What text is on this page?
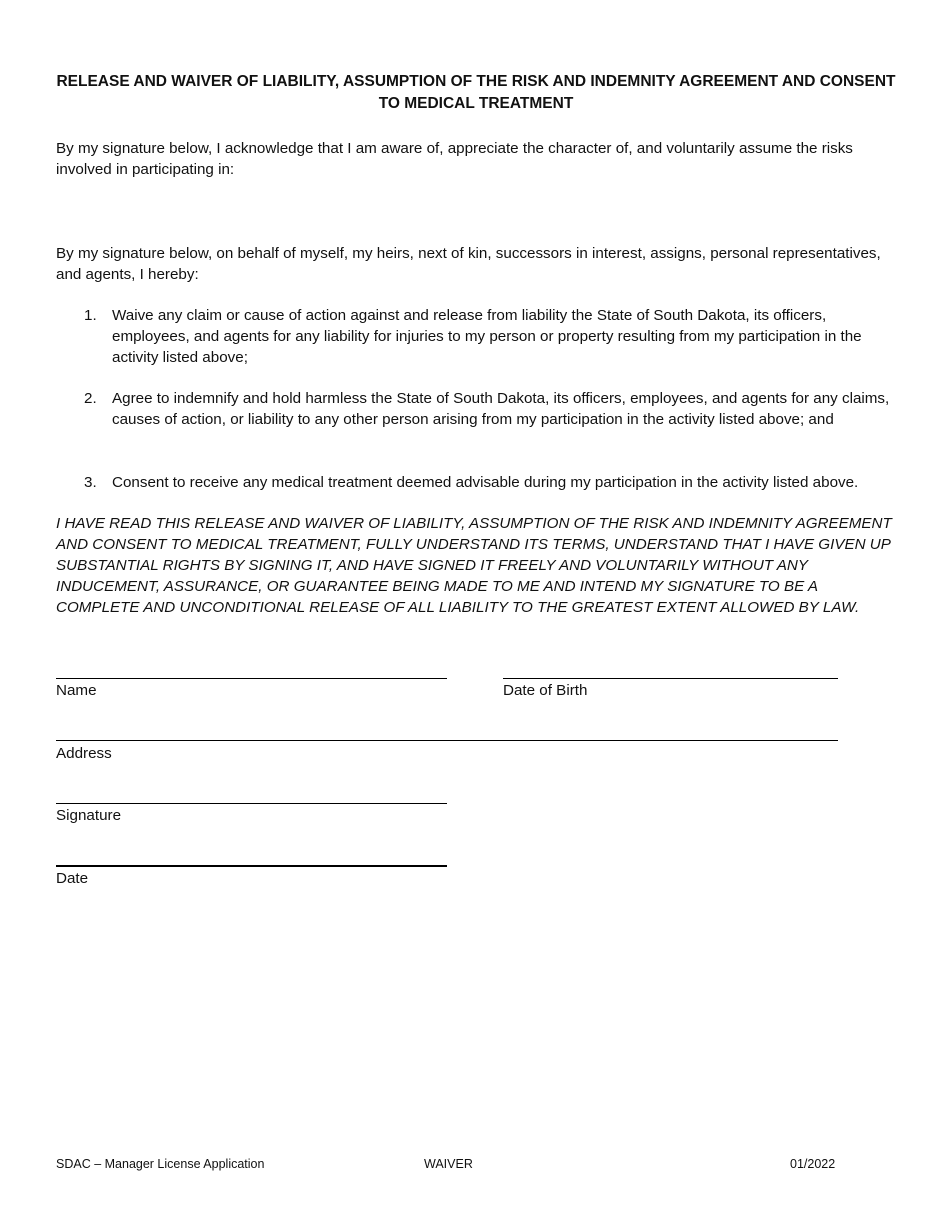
RELEASE AND WAIVER OF LIABILITY, ASSUMPTION OF THE RISK AND INDEMNITY AGREEMENT AND CONSENT TO MEDICAL TREATMENT
By my signature below, I acknowledge that I am aware of, appreciate the character of, and voluntarily assume the risks involved in participating in:
By my signature below, on behalf of myself, my heirs, next of kin, successors in interest, assigns, personal representatives, and agents, I hereby:
1. Waive any claim or cause of action against and release from liability the State of South Dakota, its officers, employees, and agents for any liability for injuries to my person or property resulting from my participation in the activity listed above;
2. Agree to indemnify and hold harmless the State of South Dakota, its officers, employees, and agents for any claims, causes of action, or liability to any other person arising from my participation in the activity listed above; and
3. Consent to receive any medical treatment deemed advisable during my participation in the activity listed above.
I HAVE READ THIS RELEASE AND WAIVER OF LIABILITY, ASSUMPTION OF THE RISK AND INDEMNITY AGREEMENT AND CONSENT TO MEDICAL TREATMENT, FULLY UNDERSTAND ITS TERMS, UNDERSTAND THAT I HAVE GIVEN UP SUBSTANTIAL RIGHTS BY SIGNING IT, AND HAVE SIGNED IT FREELY AND VOLUNTARILY WITHOUT ANY INDUCEMENT, ASSURANCE, OR GUARANTEE BEING MADE TO ME AND INTEND MY SIGNATURE TO BE A COMPLETE AND UNCONDITIONAL RELEASE OF ALL LIABILITY TO THE GREATEST EXTENT ALLOWED BY LAW.
Name	Date of Birth
Address
Signature
Date
SDAC – Manager License Application	WAIVER	01/2022
